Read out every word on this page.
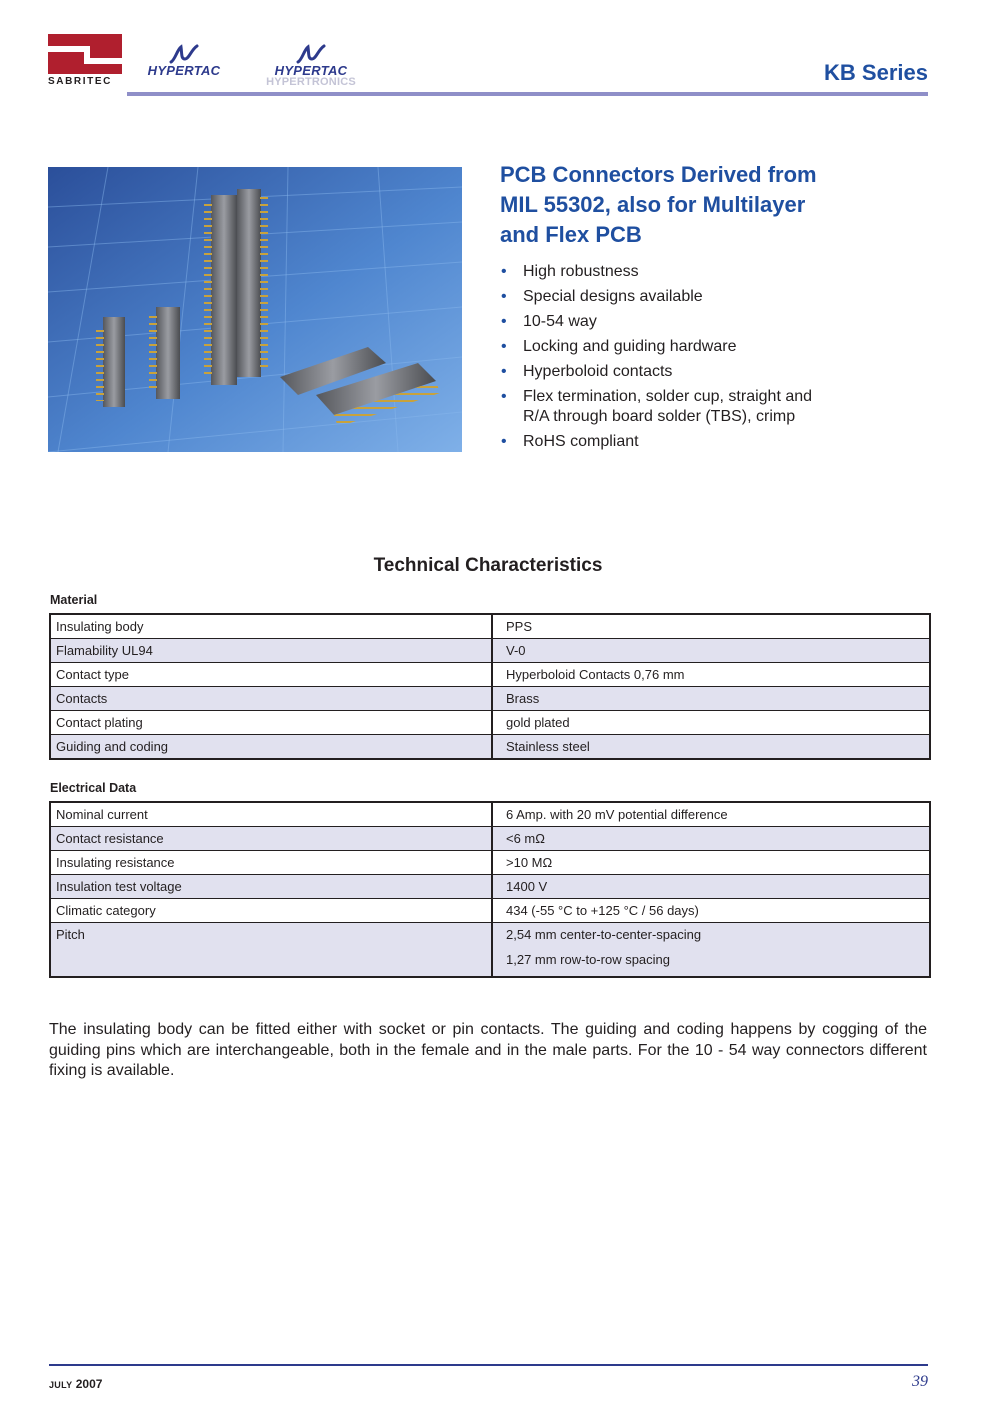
SABRITEC
HYPERTAC	HYPERTAC
HYPERTRONICS	KB Series
PCB Connectors Derived from
MIL 55302, also for Multilayer
and Flex PCB
• High robustness
• Special designs available
• 10-54 way
• Locking and guiding hardware
• Hyperboloid contacts
• Flex termination, solder cup, straight and
R/A through board solder (TBS), crimp
• RoHS compliant
Technical Characteristics
Material
Insulating body	PPS
Flamability UL94	V-0
Contact type	Hyperboloid Contacts 0,76 mm
Contacts	Brass
Contact plating	gold plated
Guiding and coding	Stainless steel
Electrical Data
Nominal current	6 Amp. with 20 mV potential difference
Contact resistance	<6 mΩ
Insulating resistance	>10 MΩ
Insulation test voltage	1400 V
Climatic category	434 (-55 °C to +125 °C / 56 days)
Pitch	2,54 mm center-to-center-spacing
1,27 mm row-to-row spacing
The insulating body can be fitted either with socket or pin contacts. The guiding and coding happens by cogging of the guiding pins which are interchangeable, both in the female and in the male parts. For the 10 - 54 way connectors different fixing is available.
JULY 2007	39
